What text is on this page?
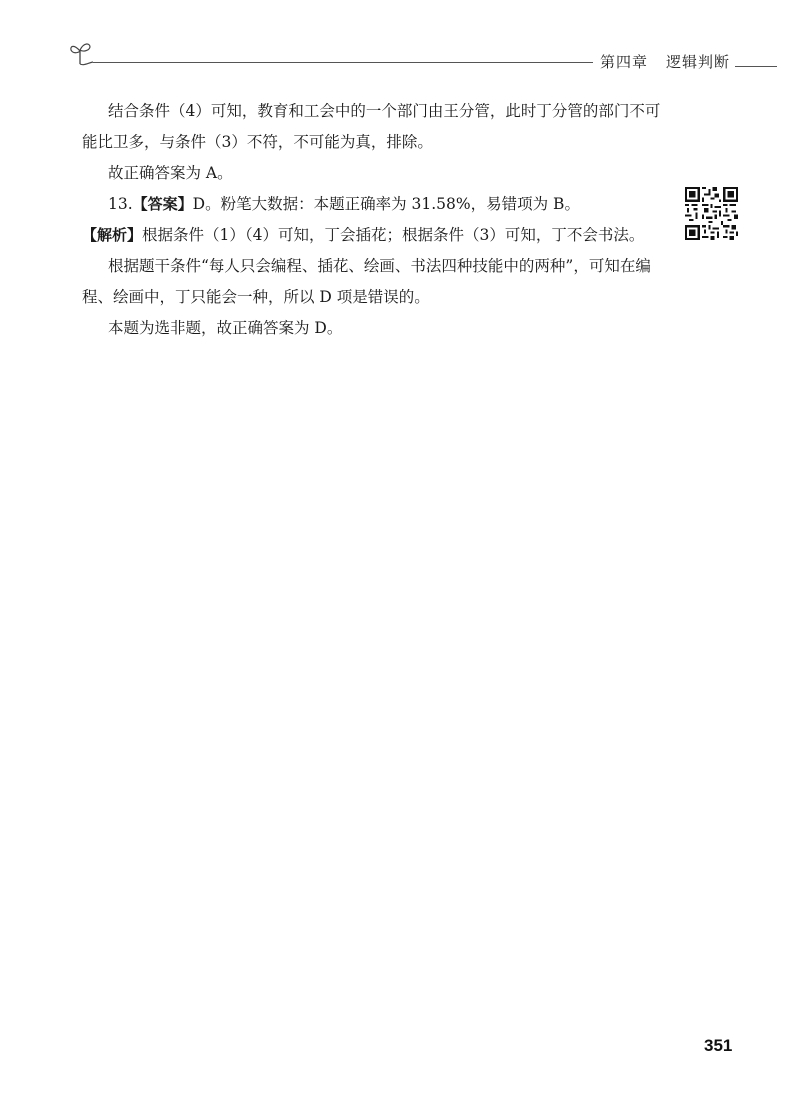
第四章 逻辑判断

结合条件（4）可知，教育和工会中的一个部门由王分管，此时丁分管的部门不可能比卫多，与条件（3）不符，不可能为真，排除。

故正确答案为 A。

13.【答案】D。粉笔大数据：本题正确率为 31.58%，易错项为 B。

【解析】根据条件（1）（4）可知，丁会插花；根据条件（3）可知，丁不会书法。

根据题干条件“每人只会编程、插花、绘画、书法四种技能中的两种”，可知在编程、绘画中，丁只能会一种，所以 D 项是错误的。

本题为选非题，故正确答案为 D。

351
